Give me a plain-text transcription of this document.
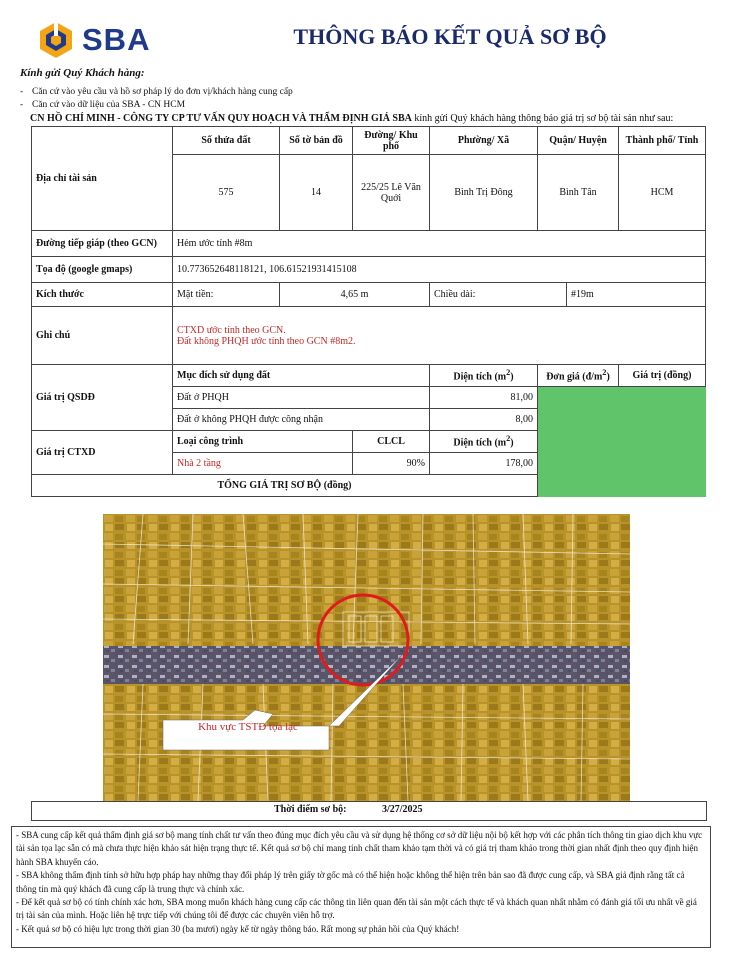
SBA	THÔNG BÁO KẾT QUẢ SƠ BỘ
Kính gửi Quý Khách hàng:
- Căn cứ vào yêu cầu và hồ sơ pháp lý do đơn vị/khách hàng cung cấp
- Căn cứ vào dữ liệu của SBA - CN HCM
CN HỒ CHÍ MINH - CÔNG TY CP TƯ VẤN QUY HOẠCH VÀ THẨM ĐỊNH GIÁ SBA kính gửi Quý khách hàng thông báo giá trị sơ bộ tài sản như sau:
Địa chỉ tài sản	Số thửa đất	Số tờ bản đồ	Đường/ Khu phố	Phường/ Xã	Quận/ Huyện		Thành phố/ Tỉnh
	575	14	225/25 Lê Văn Quới	Bình Trị Đông	Bình Tân		HCM
Đường tiếp giáp (theo GCN)	Hẻm ước tính #8m						
Tọa độ (google gmaps)	10.773652648118121, 106.61521931415108						
Kích thước	Mặt tiền:	4,65 m		Chiều dài:		#19m	
Ghi chú	CTXD ước tính theo GCN.
Đất không PHQH ước tính theo GCN #8m2.						

Giá trị QSDĐ	Mục đích sử dụng đất			Diện tích $(m^2)$	Đơn giá $(đ/m^2)$		Giá trị (đồng)
	Đất ở PHQH			81,00			
	Đất ở không PHQH được công nhận			8,00			
Giá trị CTXD	Loại công trình		CLCL	Diện tích $(m^2)$			
	Nhà 2 tầng		90%	178,00			
TỔNG GIÁ TRỊ SƠ BỘ (đồng)							
Khu vực TSTĐ tọa lạc
Thời điểm sơ bộ:	3/27/2025

- SBA cung cấp kết quả thẩm định giá sơ bộ mang tính chất tư vấn theo đúng mục đích yêu cầu và sử dụng hệ thống cơ sở dữ liệu nội bộ kết hợp với các phân tích thông tin giao dịch khu vực tài sản tọa lạc sẵn có mà chưa thực hiện khảo sát hiện trạng thực tế. Kết quả sơ bộ chỉ mang tính chất tham khảo tạm thời và có giá trị tham khảo trong thời gian nhất định theo quy định hiện hành SBA khuyến cáo.

- SBA không thẩm định tính sở hữu hợp pháp hay những thay đổi pháp lý trên giấy tờ gốc mà có thể hiện hoặc không thể hiện trên bản sao đã được cung cấp, và SBA giả định rằng tất cả thông tin mà quý khách đã cung cấp là trung thực và chính xác.

- Để kết quả sơ bộ có tính chính xác hơn, SBA mong muốn khách hàng cung cấp các thông tin liên quan đến tài sản một cách thực tế và khách quan nhất nhằm có đánh giá tối ưu nhất về giá trị tài sản của mình. Hoặc liên hệ trực tiếp với chúng tôi để được các chuyên viên hỗ trợ.

- Kết quả sơ bộ có hiệu lực trong thời gian 30 (ba mươi) ngày kể từ ngày thông báo. Rất mong sự phản hồi của Quý khách!
